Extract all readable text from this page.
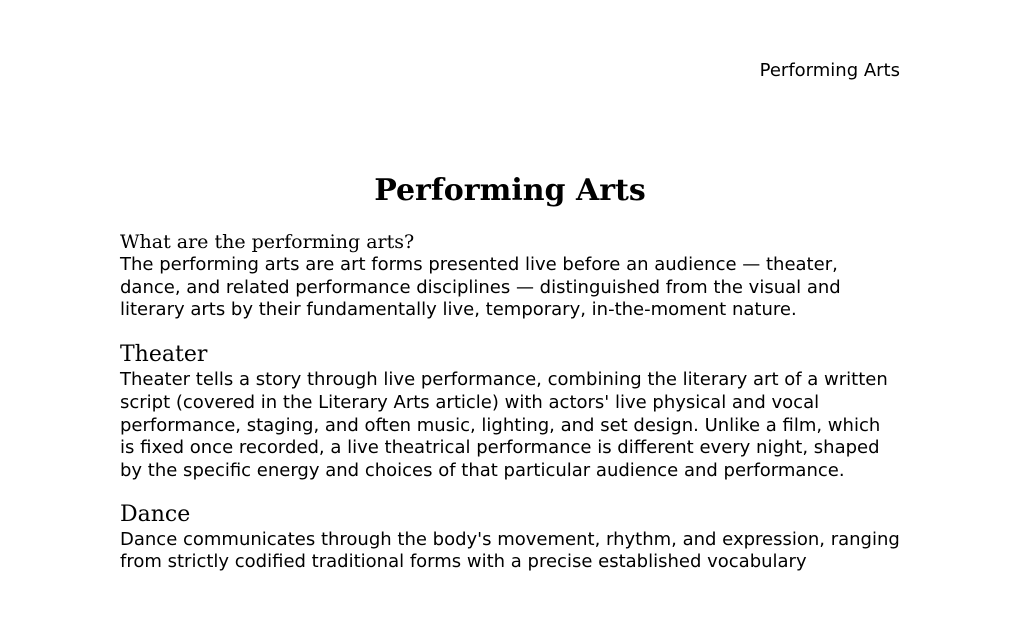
Performing Arts
Performing Arts
What are the performing arts?

The performing arts are art forms presented live before an audience — theater, dance, and related performance disciplines — distinguished from the visual and literary arts by their fundamentally live, temporary, in-the-moment nature.

Theater

Theater tells a story through live performance, combining the literary art of a written script (covered in the Literary Arts article) with actors' live physical and vocal performance, staging, and often music, lighting, and set design. Unlike a film, which is fixed once recorded, a live theatrical performance is different every night, shaped by the specific energy and choices of that particular audience and performance.

Dance

Dance communicates through the body's movement, rhythm, and expression, ranging from strictly codified traditional forms with a precise established vocabulary
